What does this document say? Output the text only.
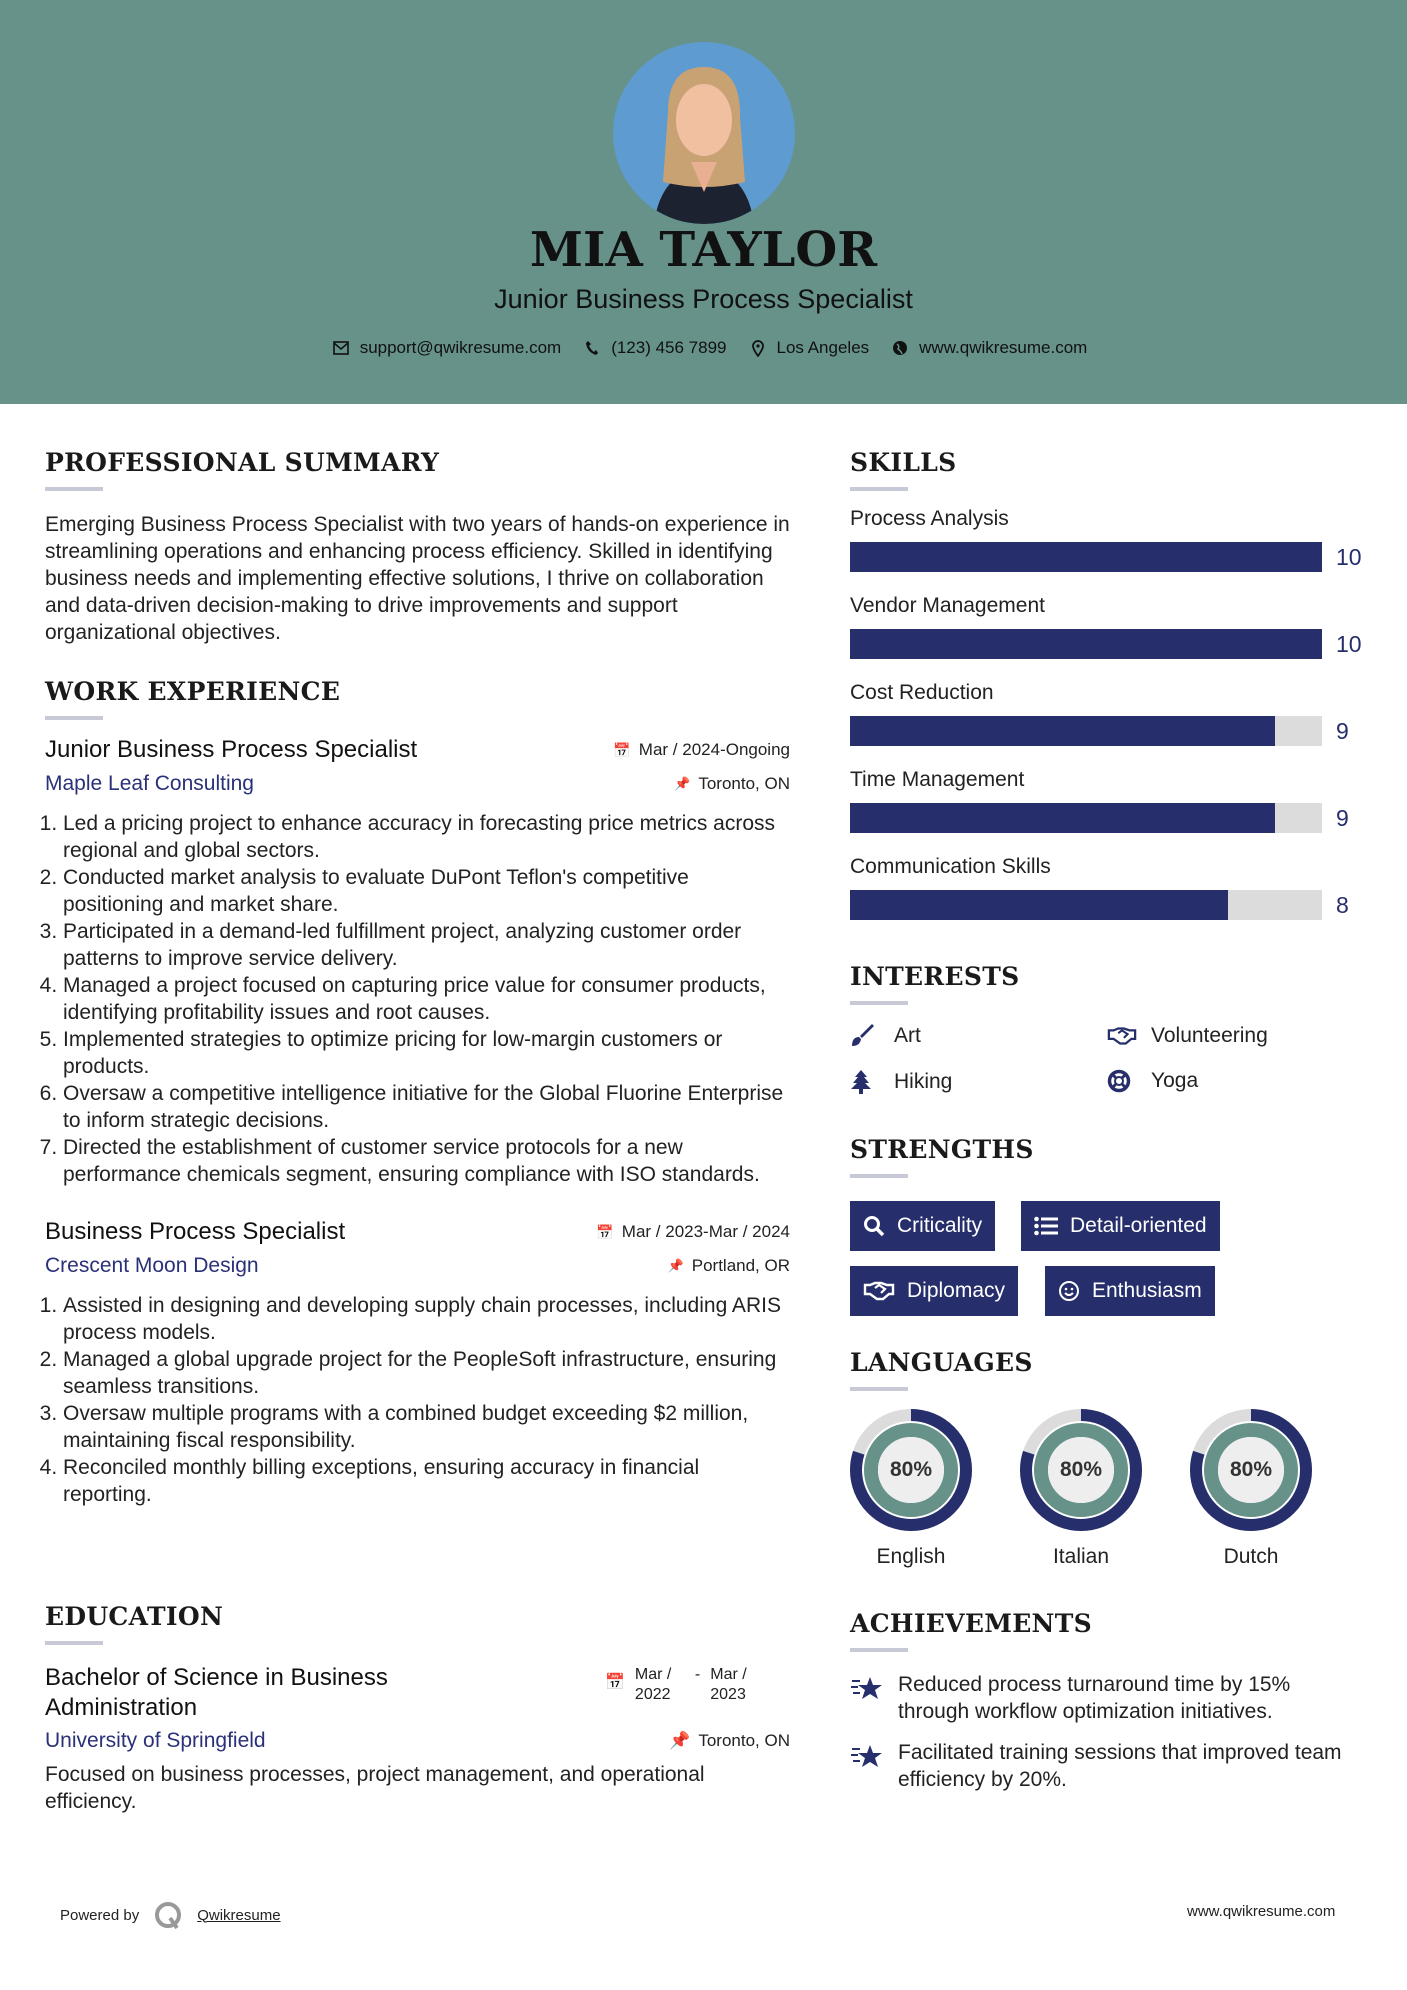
MIA TAYLOR
Junior Business Process Specialist
support@qwikresume.com	(123) 456 7899	Los Angeles	www.qwikresume.com
PROFESSIONAL SUMMARY
Emerging Business Process Specialist with two years of hands-on experience in streamlining operations and enhancing process efficiency. Skilled in identifying business needs and implementing effective solutions, I thrive on collaboration and data-driven decision-making to drive improvements and support organizational objectives.
WORK EXPERIENCE
Junior Business Process Specialist	📅 Mar / 2024-Ongoing
Maple Leaf Consulting	📌 Toronto, ON
1. Led a pricing project to enhance accuracy in forecasting price metrics across regional and global sectors.
2. Conducted market analysis to evaluate DuPont Teflon's competitive positioning and market share.
3. Participated in a demand-led fulfillment project, analyzing customer order patterns to improve service delivery.
4. Managed a project focused on capturing price value for consumer products, identifying profitability issues and root causes.
5. Implemented strategies to optimize pricing for low-margin customers or products.
6. Oversaw a competitive intelligence initiative for the Global Fluorine Enterprise to inform strategic decisions.
7. Directed the establishment of customer service protocols for a new performance chemicals segment, ensuring compliance with ISO standards.
Business Process Specialist	📅 Mar / 2023-Mar / 2024
Crescent Moon Design	📌 Portland, OR
1. Assisted in designing and developing supply chain processes, including ARIS process models.
2. Managed a global upgrade project for the PeopleSoft infrastructure, ensuring seamless transitions.
3. Oversaw multiple programs with a combined budget exceeding $2 million, maintaining fiscal responsibility.
4. Reconciled monthly billing exceptions, ensuring accuracy in financial reporting.
EDUCATION
Bachelor of Science in Business Administration
📅 Mar / 2022
- Mar / 2023
University of Springfield	📌 Toronto, ON
Focused on business processes, project management, and operational efficiency.
SKILLS
Process Analysis
10
Vendor Management
10
Cost Reduction
9
Time Management
9
Communication Skills
8
INTERESTS
Art	Volunteering
Hiking	Yoga
STRENGTHS
Criticality	Detail-oriented
Diplomacy	Enthusiasm
LANGUAGES
80%
English
80%
Italian
80%
Dutch
ACHIEVEMENTS
Reduced process turnaround time by 15% through workflow optimization initiatives.
Facilitated training sessions that improved team efficiency by 20%.
Powered by	Qwikresume	www.qwikresume.com
